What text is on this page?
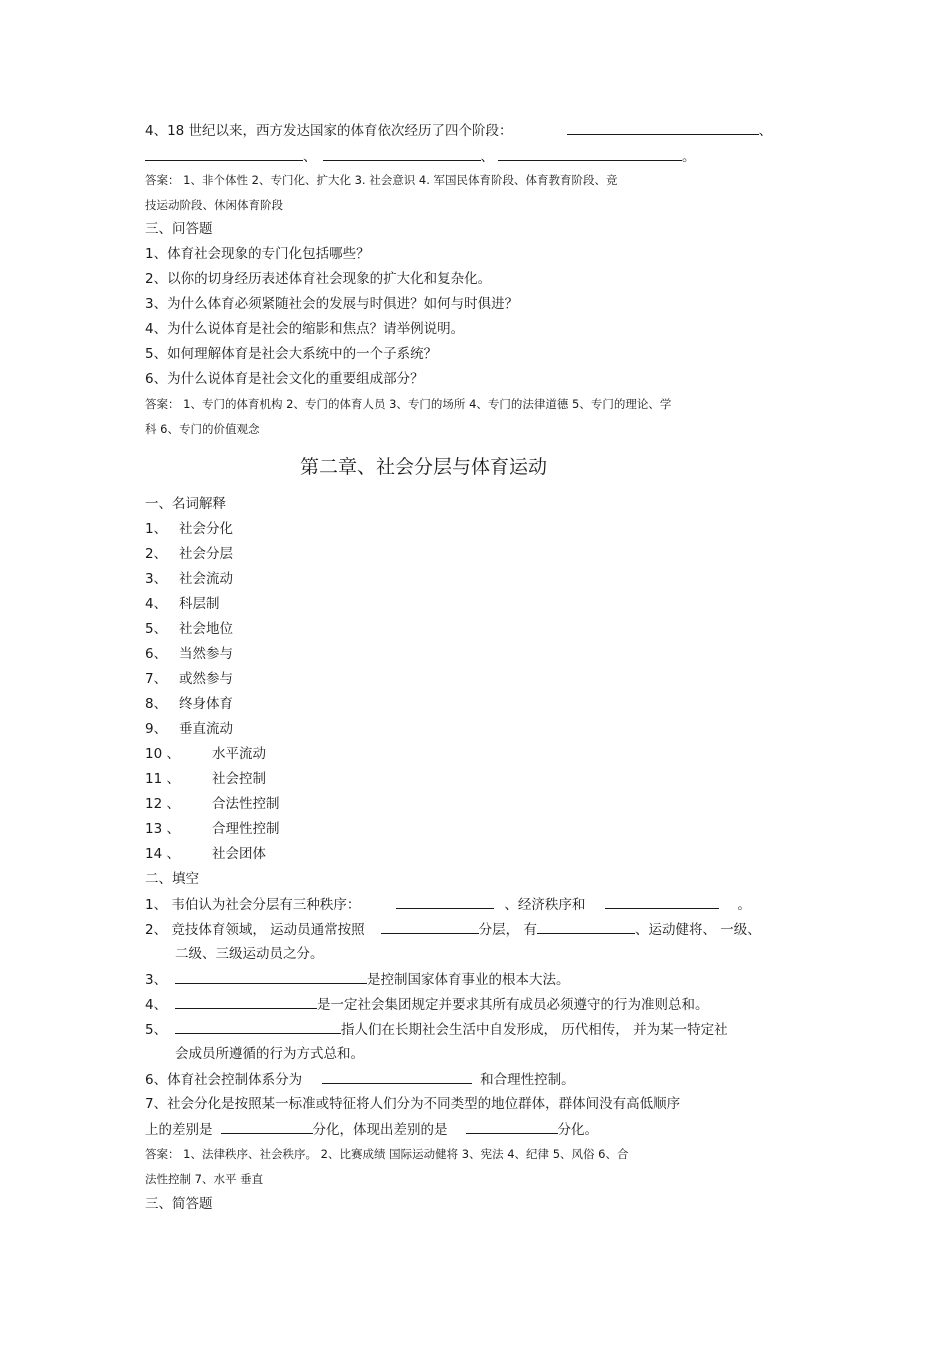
4、18 世纪以来，西方发达国家的体育依次经历了四个阶段：	、
、	、	。
答案： 1、非个体性 2、专门化、扩大化 3. 社会意识 4. 军国民体育阶段、体育教育阶段、竞
技运动阶段、休闲体育阶段
三、问答题
1、体育社会现象的专门化包括哪些？
2、以你的切身经历表述体育社会现象的扩大化和复杂化。
3、为什么体育必须紧随社会的发展与时俱进？如何与时俱进？
4、为什么说体育是社会的缩影和焦点？请举例说明。
5、如何理解体育是社会大系统中的一个子系统？
6、为什么说体育是社会文化的重要组成部分？
答案： 1、专门的体育机构 2、专门的体育人员 3、专门的场所 4、专门的法律道德 5、专门的理论、学
科 6、专门的价值观念
第二章、社会分层与体育运动
一、名词解释
1、 社会分化
2、 社会分层
3、 社会流动
4、 科层制
5、 社会地位
6、 当然参与
7、 或然参与
8、 终身体育
9、 垂直流动
10 、 水平流动
11 、 社会控制
12 、 合法性控制
13 、 合理性控制
14 、 社会团体
二、填空
1、 韦伯认为社会分层有三种秩序：	、经济秩序和	。
2、 竞技体育领域， 运动员通常按照	分层， 有	、运动健将、 一级、
二级、三级运动员之分。
3、	是控制国家体育事业的根本大法。
4、	是一定社会集团规定并要求其所有成员必须遵守的行为准则总和。
5、	指人们在长期社会生活中自发形成， 历代相传， 并为某一特定社
会成员所遵循的行为方式总和。
6、体育社会控制体系分为	和合理性控制。
7、社会分化是按照某一标准或特征将人们分为不同类型的地位群体，群体间没有高低顺序
上的差别是	分化，体现出差别的是	分化。
答案： 1、法律秩序、社会秩序。 2、比赛成绩 国际运动健将 3、宪法 4、纪律 5、风俗 6、合
法性控制 7、水平 垂直
三、简答题
